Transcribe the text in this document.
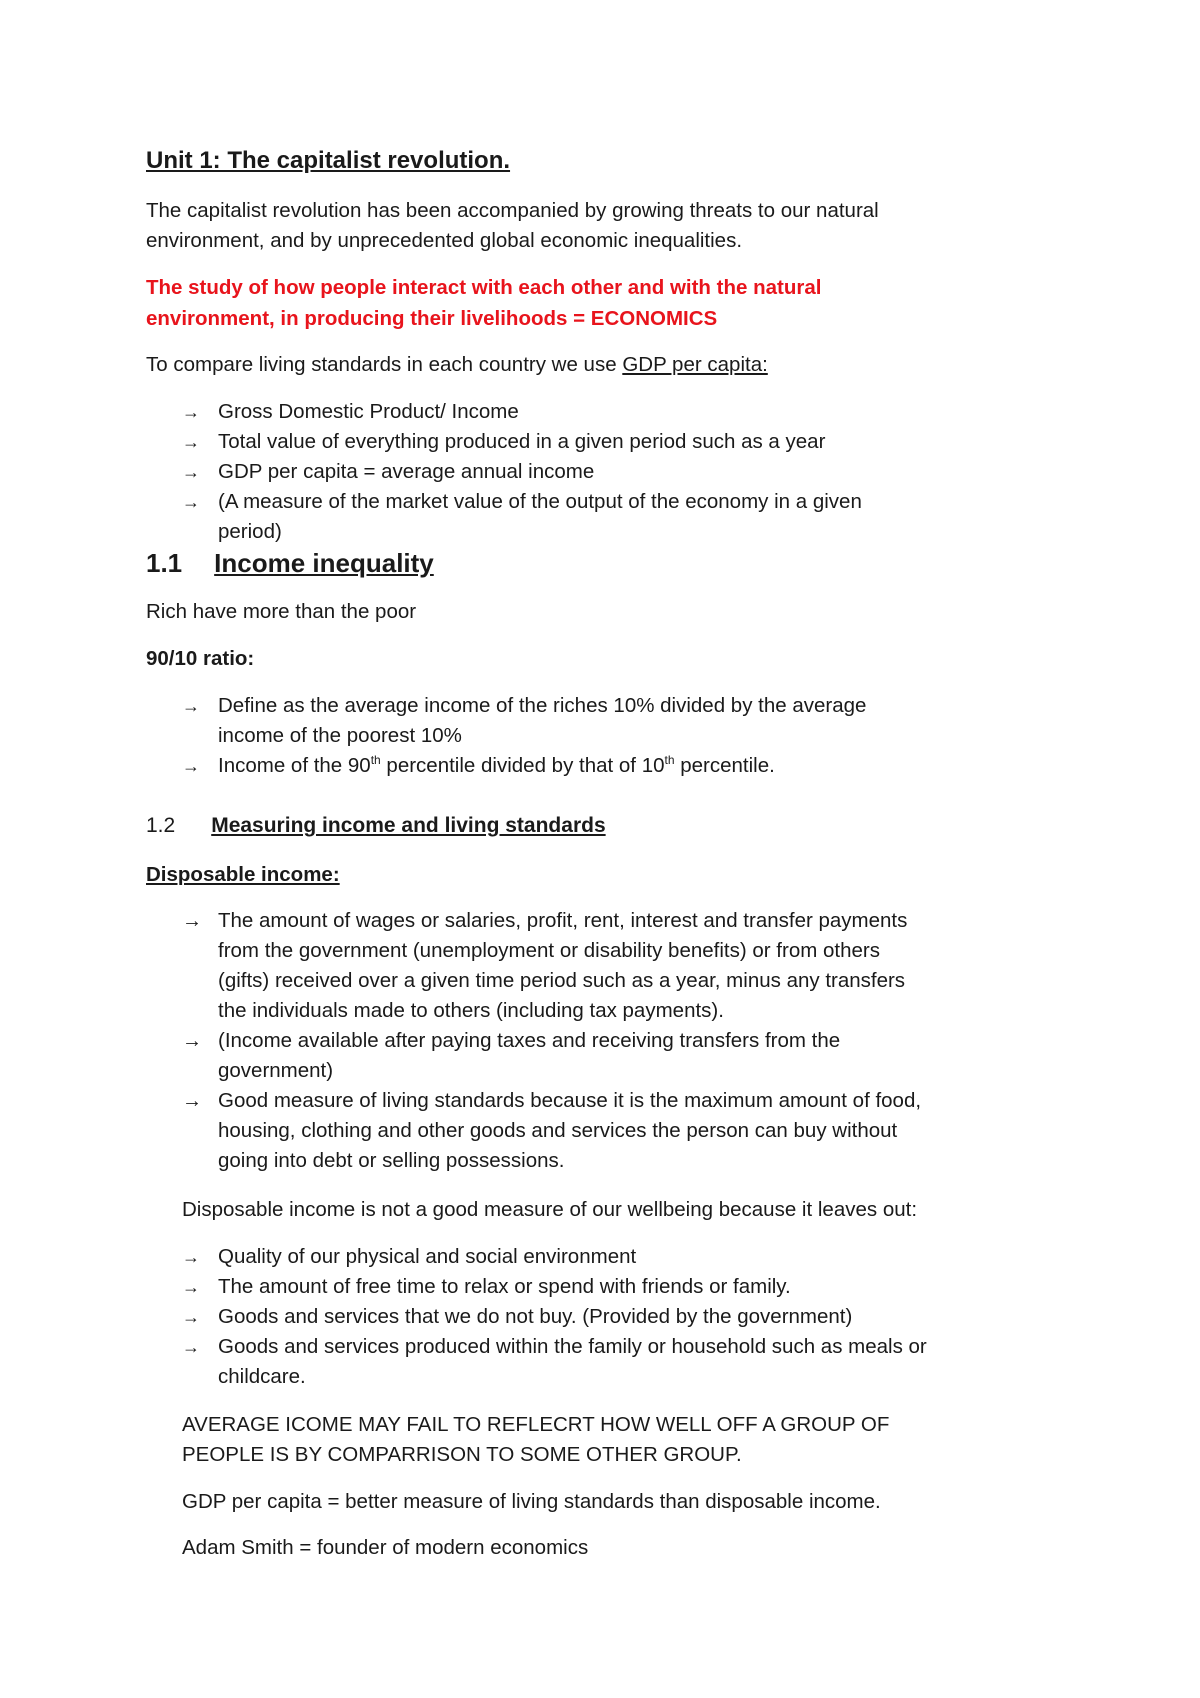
Unit 1: The capitalist revolution.
The capitalist revolution has been accompanied by growing threats to our natural
environment, and by unprecedented global economic inequalities.
The study of how people interact with each other and with the natural
environment, in producing their livelihoods = ECONOMICS
To compare living standards in each country we use GDP per capita:
→ Gross Domestic Product/ Income
→ Total value of everything produced in a given period such as a year
→ GDP per capita = average annual income
→ (A measure of the market value of the output of the economy in a given
period)
1.1 Income inequality
Rich have more than the poor
90/10 ratio:
→ Define as the average income of the riches 10% divided by the average
income of the poorest 10%
→ Income of the 90th percentile divided by that of 10th percentile.
1.2 Measuring income and living standards
Disposable income:
→ The amount of wages or salaries, profit, rent, interest and transfer payments
from the government (unemployment or disability benefits) or from others
(gifts) received over a given time period such as a year, minus any transfers
the individuals made to others (including tax payments).
→ (Income available after paying taxes and receiving transfers from the
government)
→ Good measure of living standards because it is the maximum amount of food,
housing, clothing and other goods and services the person can buy without
going into debt or selling possessions.
Disposable income is not a good measure of our wellbeing because it leaves out:
→ Quality of our physical and social environment
→ The amount of free time to relax or spend with friends or family.
→ Goods and services that we do not buy. (Provided by the government)
→ Goods and services produced within the family or household such as meals or
childcare.
AVERAGE ICOME MAY FAIL TO REFLECRT HOW WELL OFF A GROUP OF
PEOPLE IS BY COMPARRISON TO SOME OTHER GROUP.
GDP per capita = better measure of living standards than disposable income.
Adam Smith = founder of modern economics
